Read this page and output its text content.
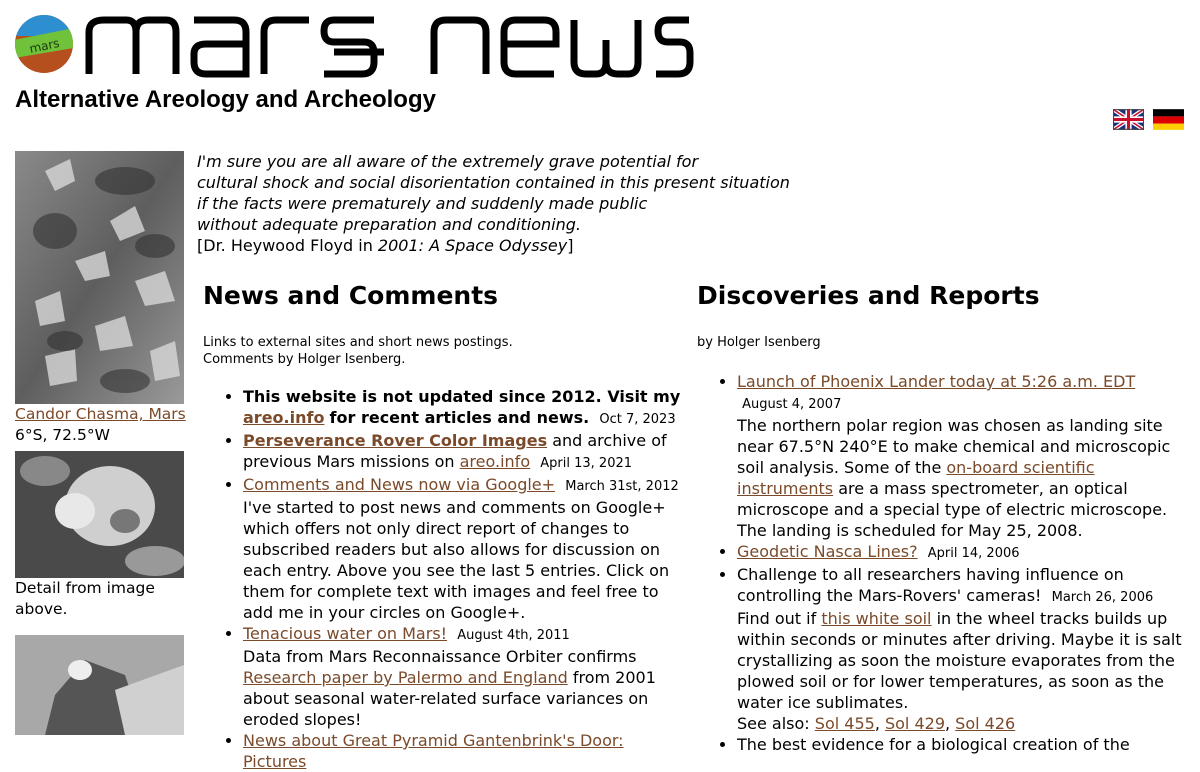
mars
Alternative Areology and Archeology
Candor Chasma, Mars
6°S, 72.5°W
Detail from image above.
I'm sure you are all aware of the extremely grave potential for
cultural shock and social disorientation contained in this present situation
if the facts were prematurely and suddenly made public
without adequate preparation and conditioning.
[Dr. Heywood Floyd in 2001: A Space Odyssey]
News and Comments
Links to external sites and short news postings.
Comments by Holger Isenberg.
• This website is not updated since 2012. Visit my areo.info for recent articles and news. Oct 7, 2023
• Perseverance Rover Color Images and archive of previous Mars missions on areo.info April 13, 2021
• Comments and News now via Google+ March 31st, 2012
I've started to post news and comments on Google+ which offers not only direct report of changes to subscribed readers but also allows for discussion on each entry. Above you see the last 5 entries. Click on them for complete text with images and feel free to add me in your circles on Google+.
• Tenacious water on Mars! August 4th, 2011
Data from Mars Reconnaissance Orbiter confirms
Research paper by Palermo and England from 2001 about seasonal water-related surface variances on eroded slopes!
• News about Great Pyramid Gantenbrink's Door: Pictures
Discoveries and Reports
by Holger Isenberg
• Launch of Phoenix Lander today at 5:26 a.m. EDT  August 4, 2007
The northern polar region was chosen as landing site near 67.5°N 240°E to make chemical and microscopic soil analysis. Some of the on-board scientific instruments are a mass spectrometer, an optical microscope and a special type of electric microscope.
The landing is scheduled for May 25, 2008.
• Geodetic Nasca Lines? April 14, 2006
• Challenge to all researchers having influence on controlling the Mars-Rovers' cameras! March 26, 2006
Find out if this white soil in the wheel tracks builds up within seconds or minutes after driving. Maybe it is salt crystallizing as soon the moisture evaporates from the plowed soil or for lower temperatures, as soon as the water ice sublimates.
See also: Sol 455, Sol 429, Sol 426
• The best evidence for a biological creation of the
